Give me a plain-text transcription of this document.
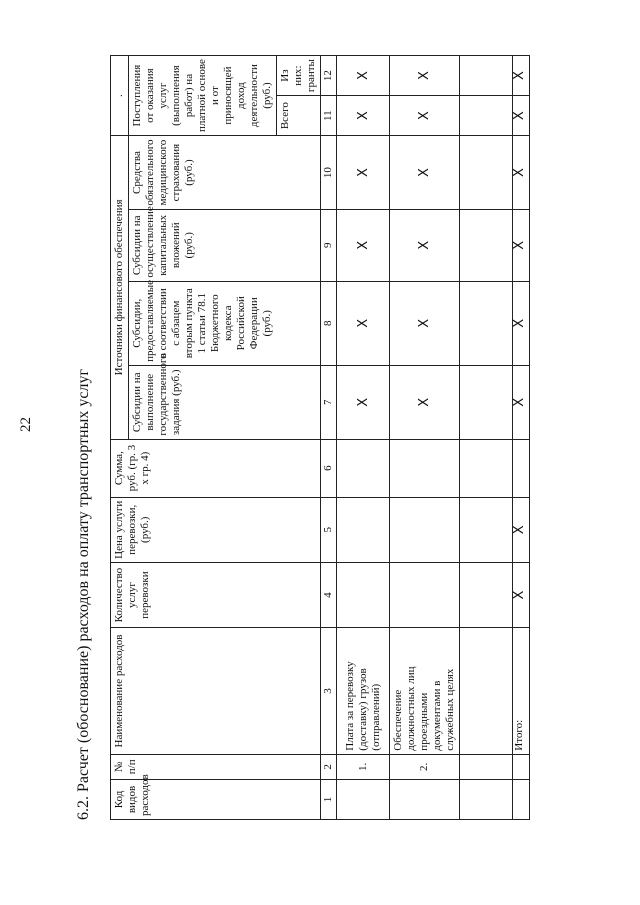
22	6.2. Расчет (обоснование) расходов на оплату транспортных услуг Код видов расходов	№ п/п	Наименование расходов	Количество услуг перевозки	Цена услуги перевозки, (руб.)	Сумма, руб. (гр. 3 х гр. 4)	Источники финансового обеспечения				.	
						Субсидии на выполнение государственного задания (руб.)	Субсидии, предоставляемые в соответствии с абзацем вторым пункта 1 статьи 78.1 Бюджетного кодекса Российской Федерации (руб.)	Субсидии на осуществление капитальных вложений (руб.)	Средства обязательного медицинского страхования (руб.)	Поступления от оказания услуг (выполнения работ) на платной основе и от приносящей доход деятельности (руб.)	
										Всего	Из них: гранты
1	2	3	4	5	6	7	8	9	10	11	12
	1.	Плата за перевозку (доставку) грузов (отправлений)				X	X	X	X	X	X
	2.	Обеспечение должностных лиц проездными документами в служебных целях				X	X	X	X	X	X

		Итого:	X	X		X	X	X	X	X	X
